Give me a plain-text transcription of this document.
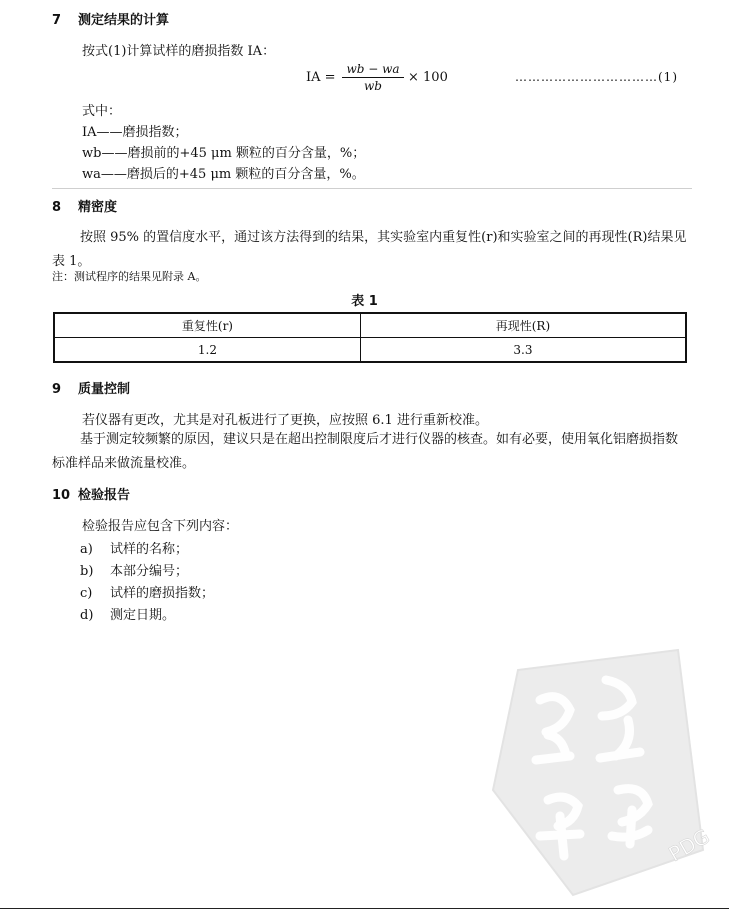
7 测定结果的计算
按式(1)计算试样的磨损指数 IA：
IA =
wb − wa
wb
× 100	……………………………(1)
式中：
IA——磨损指数；
wb——磨损前的+45 μm 颗粒的百分含量，%；
wa——磨损后的+45 μm 颗粒的百分含量，%。
8 精密度
按照 95% 的置信度水平，通过该方法得到的结果，其实验室内重复性(r)和实验室之间的再现性(R)结果见表 1。
注：测试程序的结果见附录 A。
表 1
重复性(r)	再现性(R)
1.2	3.3
9 质量控制
若仪器有更改，尤其是对孔板进行了更换，应按照 6.1 进行重新校准。
基于测定较频繁的原因，建议只是在超出控制限度后才进行仪器的核查。如有必要，使用氧化铝磨损指数标准样品来做流量校准。
10 检验报告
检验报告应包含下列内容：
a) 试样的名称；
b) 本部分编号；
c) 试样的磨损指数；
d) 测定日期。
PDG
